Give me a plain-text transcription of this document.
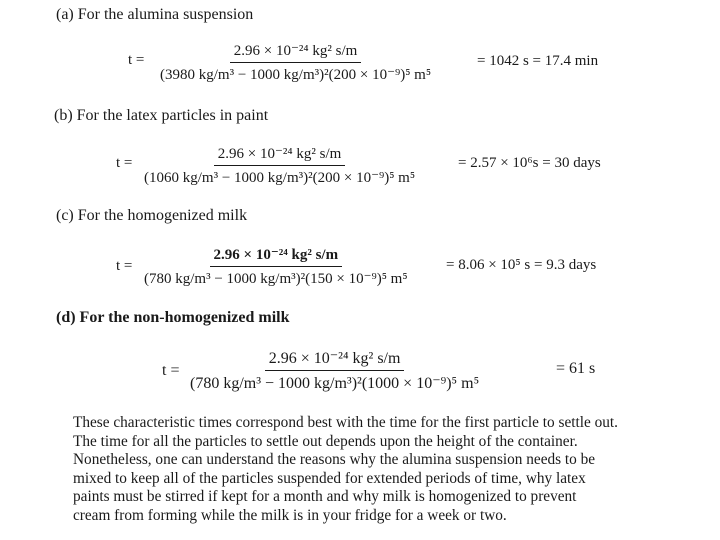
(a) For the alumina suspension
$t = \frac{\text{2.96 × 10⁻²⁴ kg² s/m}}{\text{(3980 kg/m³ − 1000 kg/m³)²(200 × 10⁻⁹)⁵ m⁵}}$	= 1042 s = 17.4 min
(b) For the latex particles in paint
$t = \frac{\text{2.96 × 10⁻²⁴ kg² s/m}}{\text{(1060 kg/m³ − 1000 kg/m³)²(200 × 10⁻⁹)⁵ m⁵}}$	= 2.57 × 10⁶s = 30 days
(c) For the homogenized milk
$t = \frac{\text{2.96 × 10⁻²⁴ kg² s/m}}{\text{(780 kg/m³ − 1000 kg/m³)²(150 × 10⁻⁹)⁵ m⁵}} = 8.06 \times 10^5$ s = 9.3 days
(d) For the non-homogenized milk
$t = \frac{\text{2.96 × 10⁻²⁴ kg² s/m}}{\text{(780 kg/m³ − 1000 kg/m³)²(1000 × 10⁻⁹)⁵ m⁵}}$	= 61 s
These characteristic times correspond best with the time for the first particle to settle out.
The time for all the particles to settle out depends upon the height of the container.
Nonetheless, one can understand the reasons why the alumina suspension needs to be
mixed to keep all of the particles suspended for extended periods of time, why latex
paints must be stirred if kept for a month and why milk is homogenized to prevent
cream from forming while the milk is in your fridge for a week or two.
